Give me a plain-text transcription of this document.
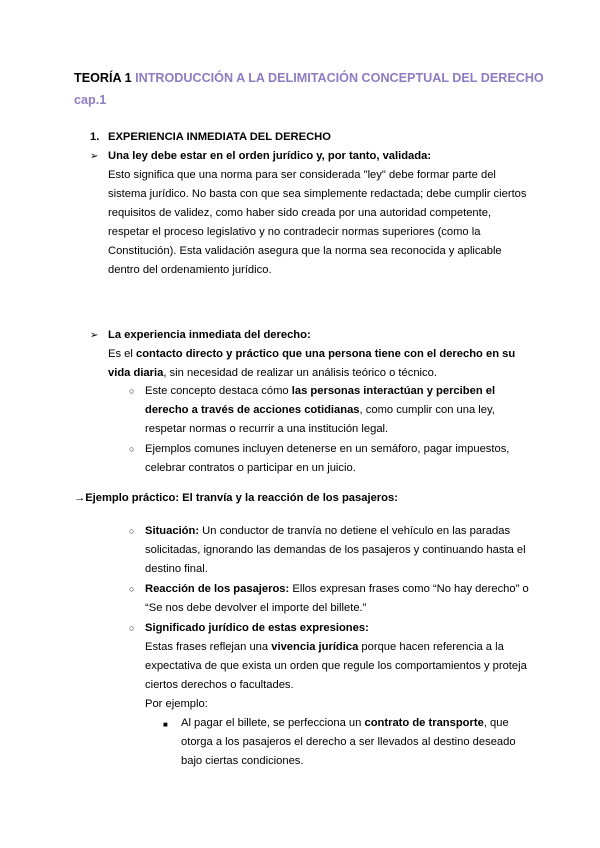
TEORÍA 1 INTRODUCCIÓN A LA DELIMITACIÓN CONCEPTUAL DEL DERECHO
cap.1
1. EXPERIENCIA INMEDIATA DEL DERECHO
➢ Una ley debe estar en el orden jurídico y, por tanto, validada:
Esto significa que una norma para ser considerada "ley" debe formar parte del
sistema jurídico. No basta con que sea simplemente redactada; debe cumplir ciertos
requisitos de validez, como haber sido creada por una autoridad competente,
respetar el proceso legislativo y no contradecir normas superiores (como la
Constitución). Esta validación asegura que la norma sea reconocida y aplicable
dentro del ordenamiento jurídico.
➢ La experiencia inmediata del derecho:
Es el contacto directo y práctico que una persona tiene con el derecho en su
vida diaria, sin necesidad de realizar un análisis teórico o técnico.
○ Este concepto destaca cómo las personas interactúan y perciben el
derecho a través de acciones cotidianas, como cumplir con una ley,
respetar normas o recurrir a una institución legal.
○ Ejemplos comunes incluyen detenerse en un semáforo, pagar impuestos,
celebrar contratos o participar en un juicio.
→Ejemplo práctico: El tranvía y la reacción de los pasajeros:
○ Situación: Un conductor de tranvía no detiene el vehículo en las paradas
solicitadas, ignorando las demandas de los pasajeros y continuando hasta el
destino final.
○ Reacción de los pasajeros: Ellos expresan frases como “No hay derecho” o
“Se nos debe devolver el importe del billete.”
○ Significado jurídico de estas expresiones:
Estas frases reflejan una vivencia jurídica porque hacen referencia a la
expectativa de que exista un orden que regule los comportamientos y proteja
ciertos derechos o facultades.
Por ejemplo:
■ Al pagar el billete, se perfecciona un contrato de transporte, que
otorga a los pasajeros el derecho a ser llevados al destino deseado
bajo ciertas condiciones.
